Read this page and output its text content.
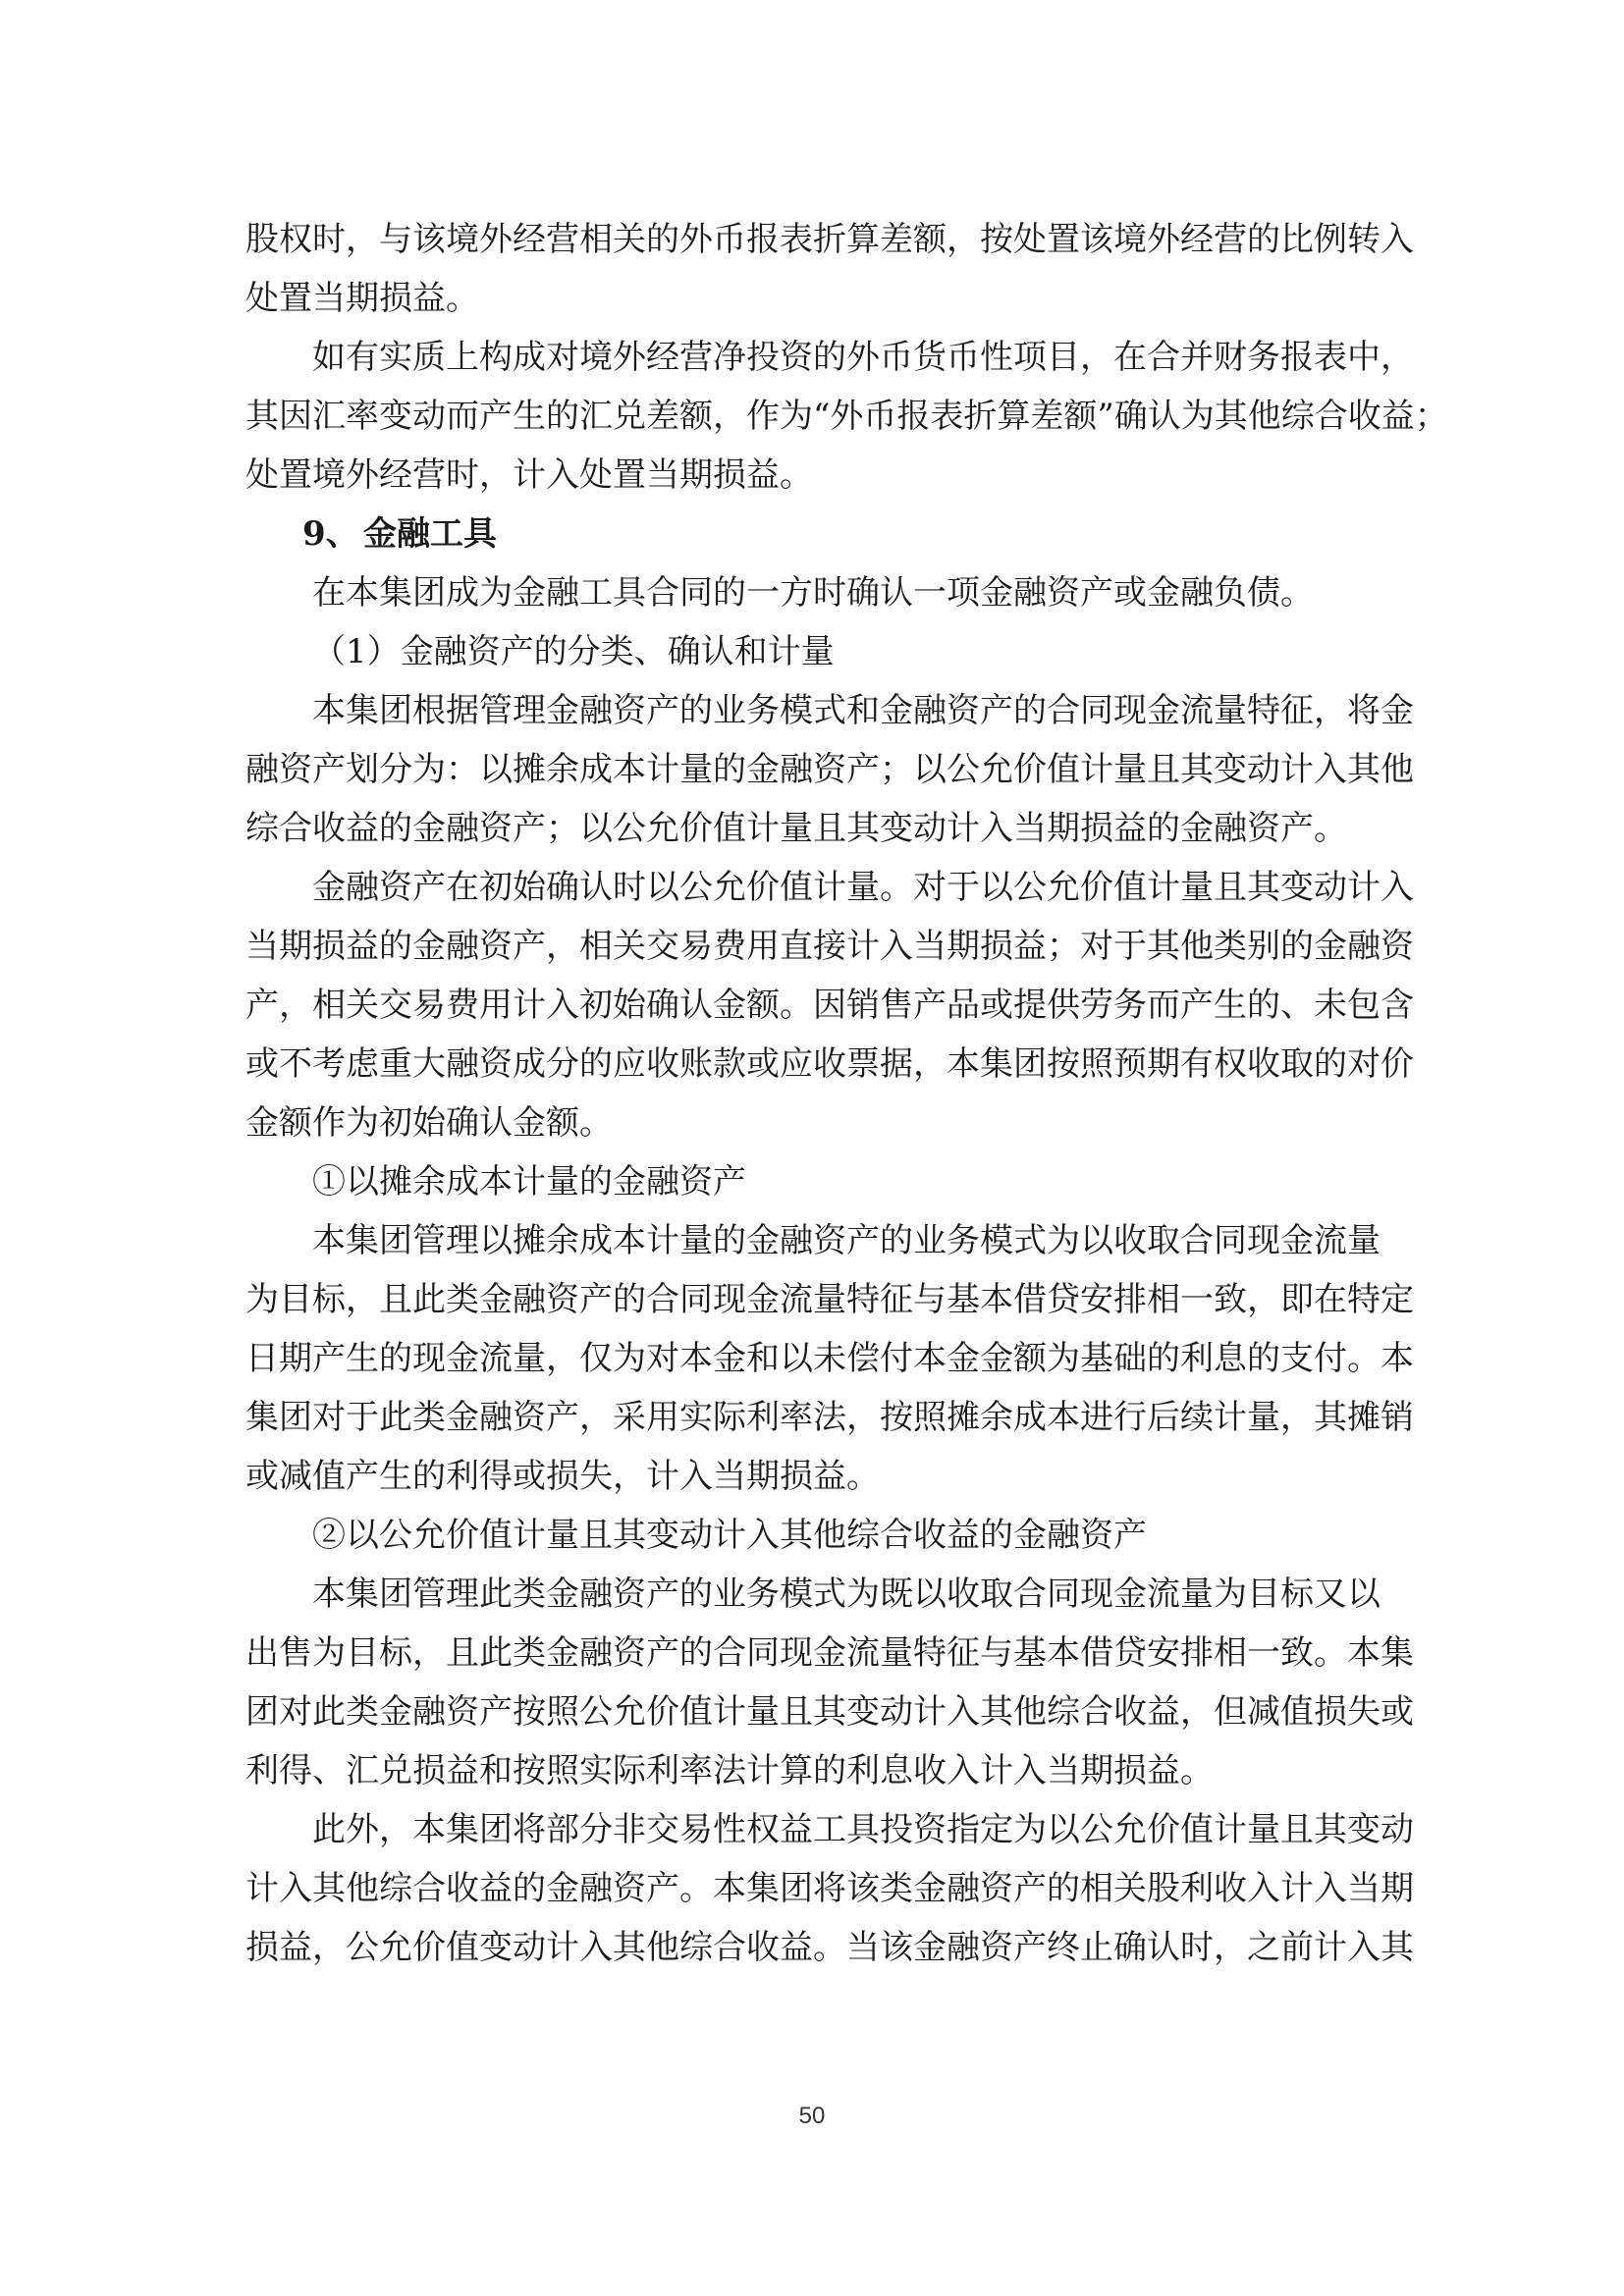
股权时，与该境外经营相关的外币报表折算差额，按处置该境外经营的比例转入
处置当期损益。

如有实质上构成对境外经营净投资的外币货币性项目，在合并财务报表中，
其因汇率变动而产生的汇兑差额，作为“外币报表折算差额”确认为其他综合收益；
处置境外经营时，计入处置当期损益。

9、 金融工具

在本集团成为金融工具合同的一方时确认一项金融资产或金融负债。

（1）金融资产的分类、确认和计量

本集团根据管理金融资产的业务模式和金融资产的合同现金流量特征，将金
融资产划分为：以摊余成本计量的金融资产；以公允价值计量且其变动计入其他
综合收益的金融资产；以公允价值计量且其变动计入当期损益的金融资产。

金融资产在初始确认时以公允价值计量。对于以公允价值计量且其变动计入
当期损益的金融资产，相关交易费用直接计入当期损益；对于其他类别的金融资
产，相关交易费用计入初始确认金额。因销售产品或提供劳务而产生的、未包含
或不考虑重大融资成分的应收账款或应收票据，本集团按照预期有权收取的对价
金额作为初始确认金额。

①以摊余成本计量的金融资产

本集团管理以摊余成本计量的金融资产的业务模式为以收取合同现金流量
为目标，且此类金融资产的合同现金流量特征与基本借贷安排相一致，即在特定
日期产生的现金流量，仅为对本金和以未偿付本金金额为基础的利息的支付。本
集团对于此类金融资产，采用实际利率法，按照摊余成本进行后续计量，其摊销
或减值产生的利得或损失，计入当期损益。

②以公允价值计量且其变动计入其他综合收益的金融资产

本集团管理此类金融资产的业务模式为既以收取合同现金流量为目标又以
出售为目标，且此类金融资产的合同现金流量特征与基本借贷安排相一致。本集
团对此类金融资产按照公允价值计量且其变动计入其他综合收益，但减值损失或
利得、汇兑损益和按照实际利率法计算的利息收入计入当期损益。

此外，本集团将部分非交易性权益工具投资指定为以公允价值计量且其变动
计入其他综合收益的金融资产。本集团将该类金融资产的相关股利收入计入当期
损益，公允价值变动计入其他综合收益。当该金融资产终止确认时，之前计入其

50
